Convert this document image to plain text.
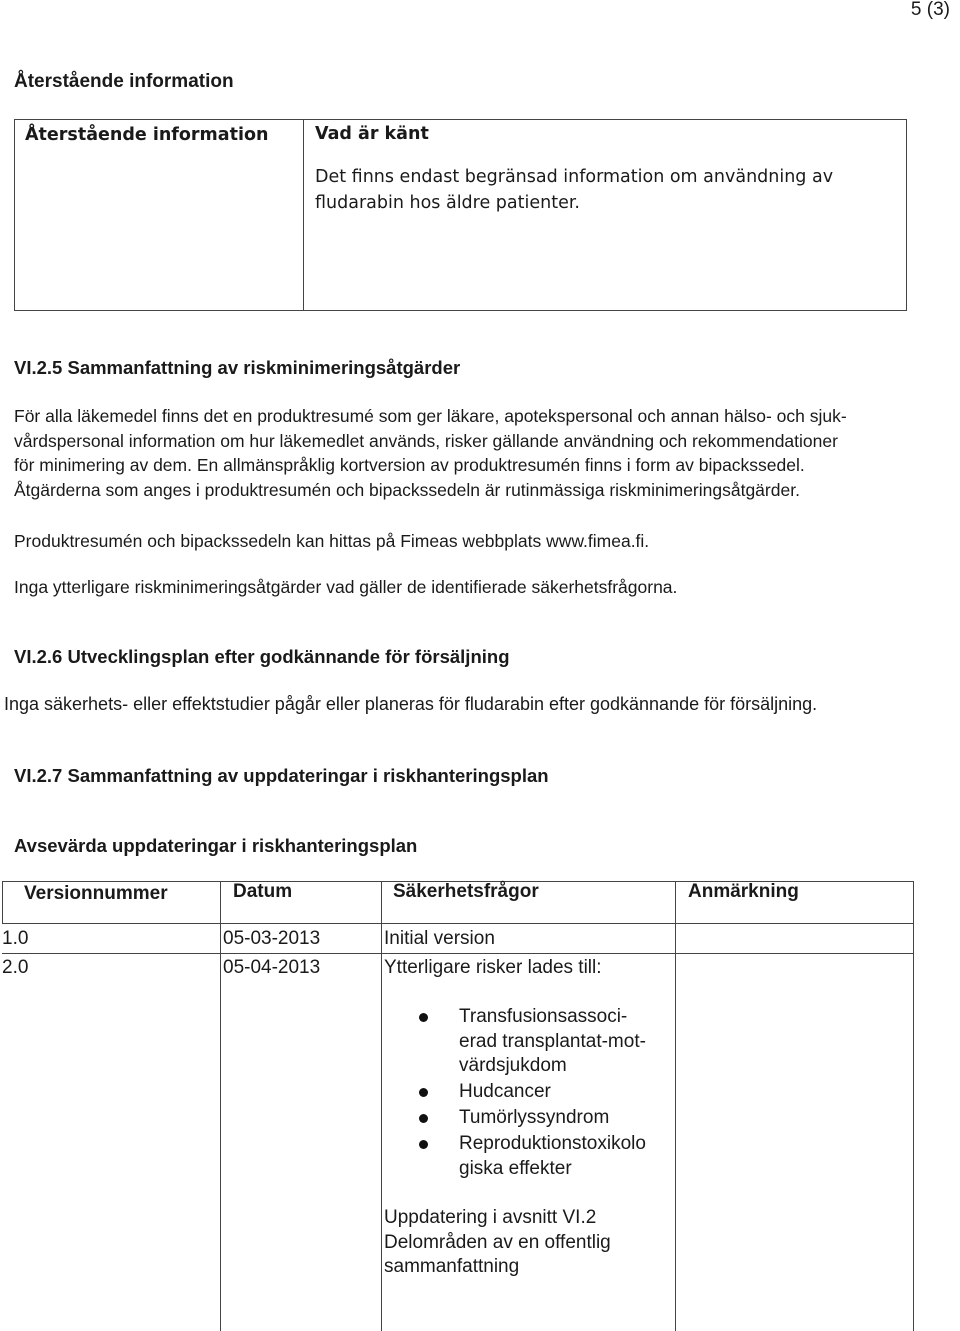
5 (3)
Återstående information
Återstående information	Vad är känt
Det finns endast begränsad information om användning av fludarabin hos äldre patienter.
VI.2.5 Sammanfattning av riskminimeringsåtgärder
För alla läkemedel finns det en produktresumé som ger läkare, apotekspersonal och annan hälso- och sjuk-
vårdspersonal information om hur läkemedlet används, risker gällande användning och rekommendationer
för minimering av dem. En allmänspråklig kortversion av produktresumén finns i form av bipackssedel.
Åtgärderna som anges i produktresumén och bipackssedeln är rutinmässiga riskminimeringsåtgärder.
Produktresumén och bipackssedeln kan hittas på Fimeas webbplats www.fimea.fi.
Inga ytterligare riskminimeringsåtgärder vad gäller de identifierade säkerhetsfrågorna.
VI.2.6 Utvecklingsplan efter godkännande för försäljning
Inga säkerhets- eller effektstudier pågår eller planeras för fludarabin efter godkännande för försäljning.
VI.2.7 Sammanfattning av uppdateringar i riskhanteringsplan
Avsevärda uppdateringar i riskhanteringsplan
Versionnummer	Datum	Säkerhetsfrågor	Anmärkning
1.0	05-03-2013	Initial version
2.0	05-04-2013	Ytterligare risker lades till:
Transfusionsassoci-
erad transplantat-mot-
värdsjukdom
Hudcancer
Tumörlyssyndrom
Reproduktionstoxikolo
giska effekter
Uppdatering i avsnitt VI.2
Delområden av en offentlig
sammanfattning
